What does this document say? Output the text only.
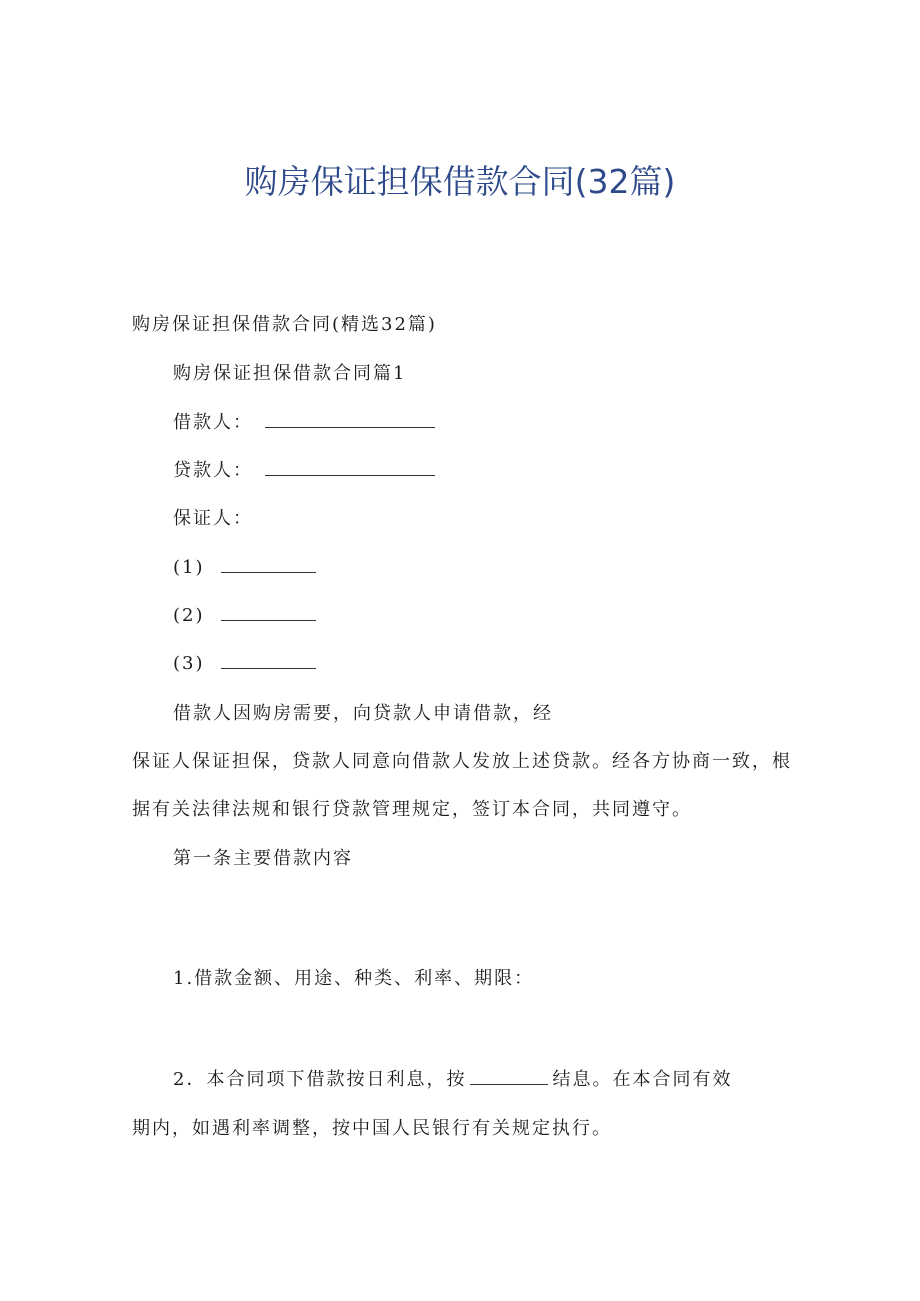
购房保证担保借款合同(32篇)
购房保证担保借款合同(精选32篇)
购房保证担保借款合同篇1
借款人：
贷款人：
保证人：
(1)
(2)
(3)
借款人因购房需要，向贷款人申请借款，经
保证人保证担保，贷款人同意向借款人发放上述贷款。经各方协商一致，根
据有关法律法规和银行贷款管理规定，签订本合同，共同遵守。
第一条主要借款内容
1.借款金额、用途、种类、利率、期限：
2．本合同项下借款按日利息，按	结息。在本合同有效
期内，如遇利率调整，按中国人民银行有关规定执行。
